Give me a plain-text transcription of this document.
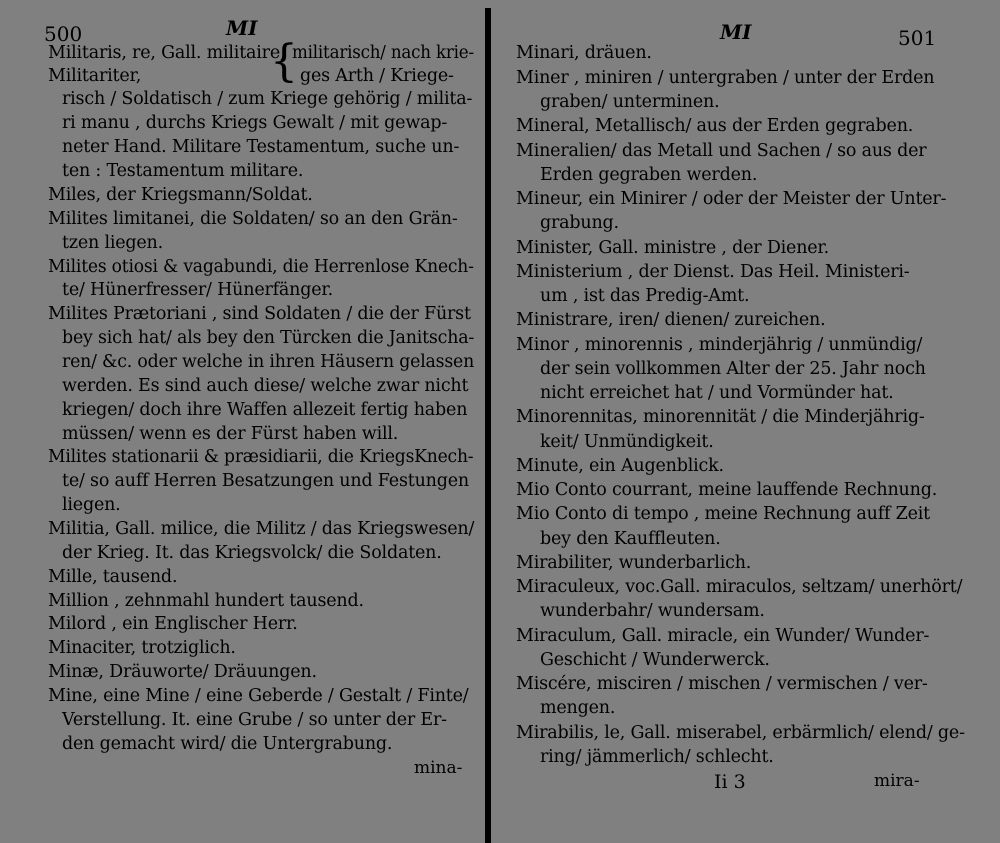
500	MI
Militaris, re, Gall. militaire,
Militariter,	{
militarisch/ nach krie-
ges Arth / Kriege-
risch / Soldatisch / zum Kriege gehörig / milita-
ri manu , durchs Kriegs Gewalt / mit gewap-
neter Hand. Militare Testamentum, suche un-
ten : Testamentum militare.
Miles, der Kriegsmann/Soldat.
Milites limitanei, die Soldaten/ so an den Grän-
tzen liegen.
Milites otiosi & vagabundi, die Herrenlose Knech-
te/ Hünerfresser/ Hünerfänger.
Milites Prætoriani , sind Soldaten / die der Fürst
bey sich hat/ als bey den Türcken die Janitscha-
ren/ &c. oder welche in ihren Häusern gelassen
werden. Es sind auch diese/ welche zwar nicht
kriegen/ doch ihre Waffen allezeit fertig haben
müssen/ wenn es der Fürst haben will.
Milites stationarii & præsidiarii, die KriegsKnech-
te/ so auff Herren Besatzungen und Festungen
liegen.
Militia, Gall. milice, die Militz / das Kriegswesen/
der Krieg. It. das Kriegsvolck/ die Soldaten.
Mille, tausend.
Million , zehnmahl hundert tausend.
Milord , ein Englischer Herr.
Minaciter, trotziglich.
Minæ, Dräuworte/ Dräuungen.
Mine, eine Mine / eine Geberde / Gestalt / Finte/
Verstellung. It. eine Grube / so unter der Er-
den gemacht wird/ die Untergrabung.
mina-
MI	501
Minari, dräuen.
Miner , miniren / untergraben / unter der Erden
graben/ unterminen.
Mineral, Metallisch/ aus der Erden gegraben.
Mineralien/ das Metall und Sachen / so aus der
Erden gegraben werden.
Mineur, ein Minirer / oder der Meister der Unter-
grabung.
Minister, Gall. ministre , der Diener.
Ministerium , der Dienst. Das Heil. Ministeri-
um , ist das Predig-Amt.
Ministrare, iren/ dienen/ zureichen.
Minor , minorennis , minderjährig / unmündig/
der sein vollkommen Alter der 25. Jahr noch
nicht erreichet hat / und Vormünder hat.
Minorennitas, minorennität / die Minderjährig-
keit/ Unmündigkeit.
Minute, ein Augenblick.
Mio Conto courrant, meine lauffende Rechnung.
Mio Conto di tempo , meine Rechnung auff Zeit
bey den Kauffleuten.
Mirabiliter, wunderbarlich.
Miraculeux, voc.Gall. miraculos, seltzam/ unerhört/
wunderbahr/ wundersam.
Miraculum, Gall. miracle, ein Wunder/ Wunder-
Geschicht / Wunderwerck.
Miscére, misciren / mischen / vermischen / ver-
mengen.
Mirabilis, le, Gall. miserabel, erbärmlich/ elend/ ge-
ring/ jämmerlich/ schlecht.
Ii 3	mira-
